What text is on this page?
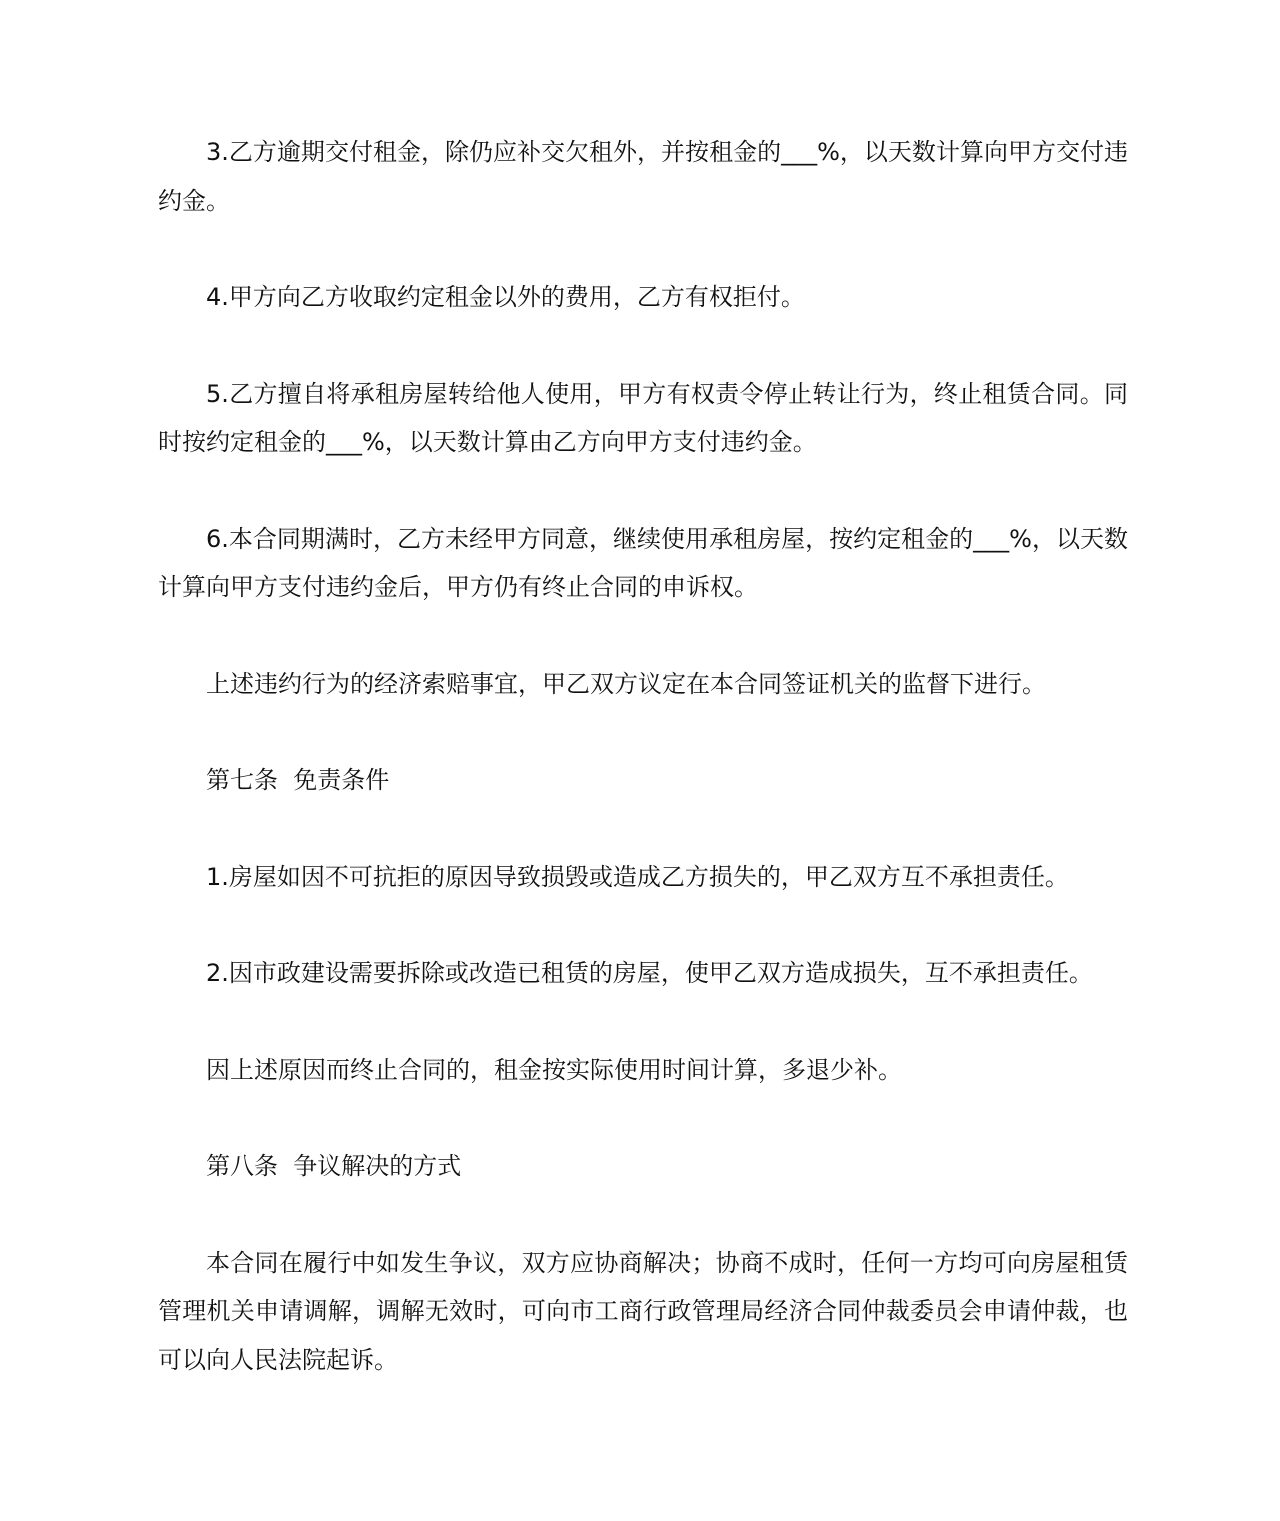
3.乙方逾期交付租金，除仍应补交欠租外，并按租金的___%，以天数计算向甲方交付违约金。

4.甲方向乙方收取约定租金以外的费用，乙方有权拒付。

5.乙方擅自将承租房屋转给他人使用，甲方有权责令停止转让行为，终止租赁合同。同时按约定租金的___%，以天数计算由乙方向甲方支付违约金。

6.本合同期满时，乙方未经甲方同意，继续使用承租房屋，按约定租金的___%，以天数计算向甲方支付违约金后，甲方仍有终止合同的申诉权。

上述违约行为的经济索赔事宜，甲乙双方议定在本合同签证机关的监督下进行。

第七条  免责条件

1.房屋如因不可抗拒的原因导致损毁或造成乙方损失的，甲乙双方互不承担责任。

2.因市政建设需要拆除或改造已租赁的房屋，使甲乙双方造成损失，互不承担责任。

因上述原因而终止合同的，租金按实际使用时间计算，多退少补。

第八条  争议解决的方式

本合同在履行中如发生争议，双方应协商解决；协商不成时，任何一方均可向房屋租赁管理机关申请调解，调解无效时，可向市工商行政管理局经济合同仲裁委员会申请仲裁，也可以向人民法院起诉。
